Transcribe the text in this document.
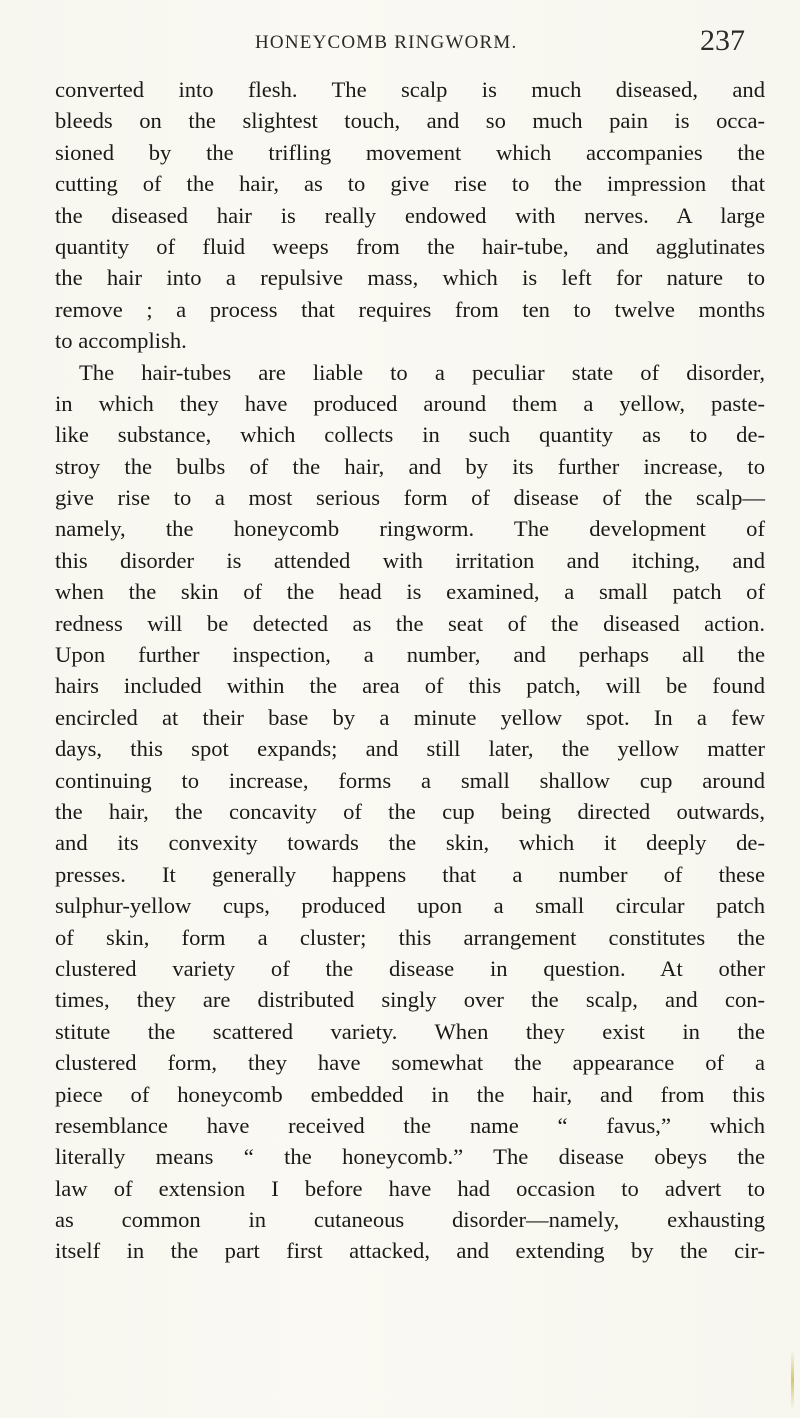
HONEYCOMB RINGWORM.	237
converted into flesh. The scalp is much diseased, and
bleeds on the slightest touch, and so much pain is occa-
sioned by the trifling movement which accompanies the
cutting of the hair, as to give rise to the impression that
the diseased hair is really endowed with nerves. A large
quantity of fluid weeps from the hair-tube, and agglutinates
the hair into a repulsive mass, which is left for nature to
remove ; a process that requires from ten to twelve months
to accomplish.
The hair-tubes are liable to a peculiar state of disorder,
in which they have produced around them a yellow, paste-
like substance, which collects in such quantity as to de-
stroy the bulbs of the hair, and by its further increase, to
give rise to a most serious form of disease of the scalp—
namely, the honeycomb ringworm. The development of
this disorder is attended with irritation and itching, and
when the skin of the head is examined, a small patch of
redness will be detected as the seat of the diseased action.
Upon further inspection, a number, and perhaps all the
hairs included within the area of this patch, will be found
encircled at their base by a minute yellow spot. In a few
days, this spot expands; and still later, the yellow matter
continuing to increase, forms a small shallow cup around
the hair, the concavity of the cup being directed outwards,
and its convexity towards the skin, which it deeply de-
presses. It generally happens that a number of these
sulphur-yellow cups, produced upon a small circular patch
of skin, form a cluster; this arrangement constitutes the
clustered variety of the disease in question. At other
times, they are distributed singly over the scalp, and con-
stitute the scattered variety. When they exist in the
clustered form, they have somewhat the appearance of a
piece of honeycomb embedded in the hair, and from this
resemblance have received the name “ favus,” which
literally means “ the honeycomb.” The disease obeys the
law of extension I before have had occasion to advert to
as common in cutaneous disorder—namely, exhausting
itself in the part first attacked, and extending by the cir-
